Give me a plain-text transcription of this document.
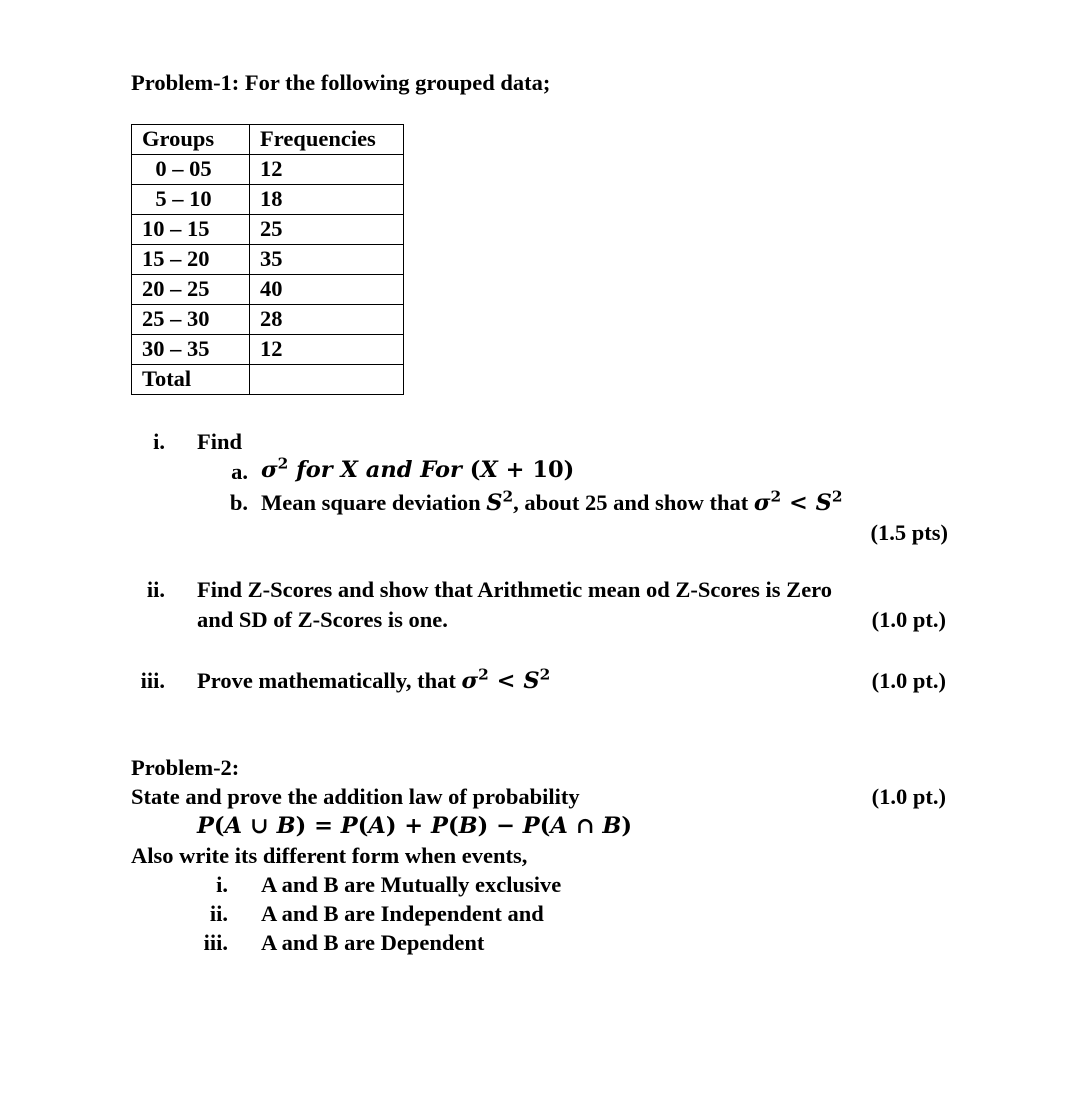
Problem-1: For the following grouped data;
Groups	Frequencies
0 – 05	12
5 – 10	18
10 – 15	25
15 – 20	35
20 – 25	40
25 – 30	28
30 – 35	12
Total	
i. Find
a. $\sigma^2$ for X and For (X + 10)
b. Mean square deviation $S^2$, about 25 and show that $\sigma^2 < S^2$
(1.5 pts)
ii. Find Z-Scores and show that Arithmetic mean od Z-Scores is Zero
and SD of Z-Scores is one.	(1.0 pt.)
iii. Prove mathematically, that $\sigma^2 < S^2$	(1.0 pt.)
Problem-2:
State and prove the addition law of probability	(1.0 pt.)
P(A ∪ B) = P(A) + P(B) − P(A ∩ B)
Also write its different form when events,
i. A and B are Mutually exclusive
ii. A and B are Independent and
iii. A and B are Dependent
